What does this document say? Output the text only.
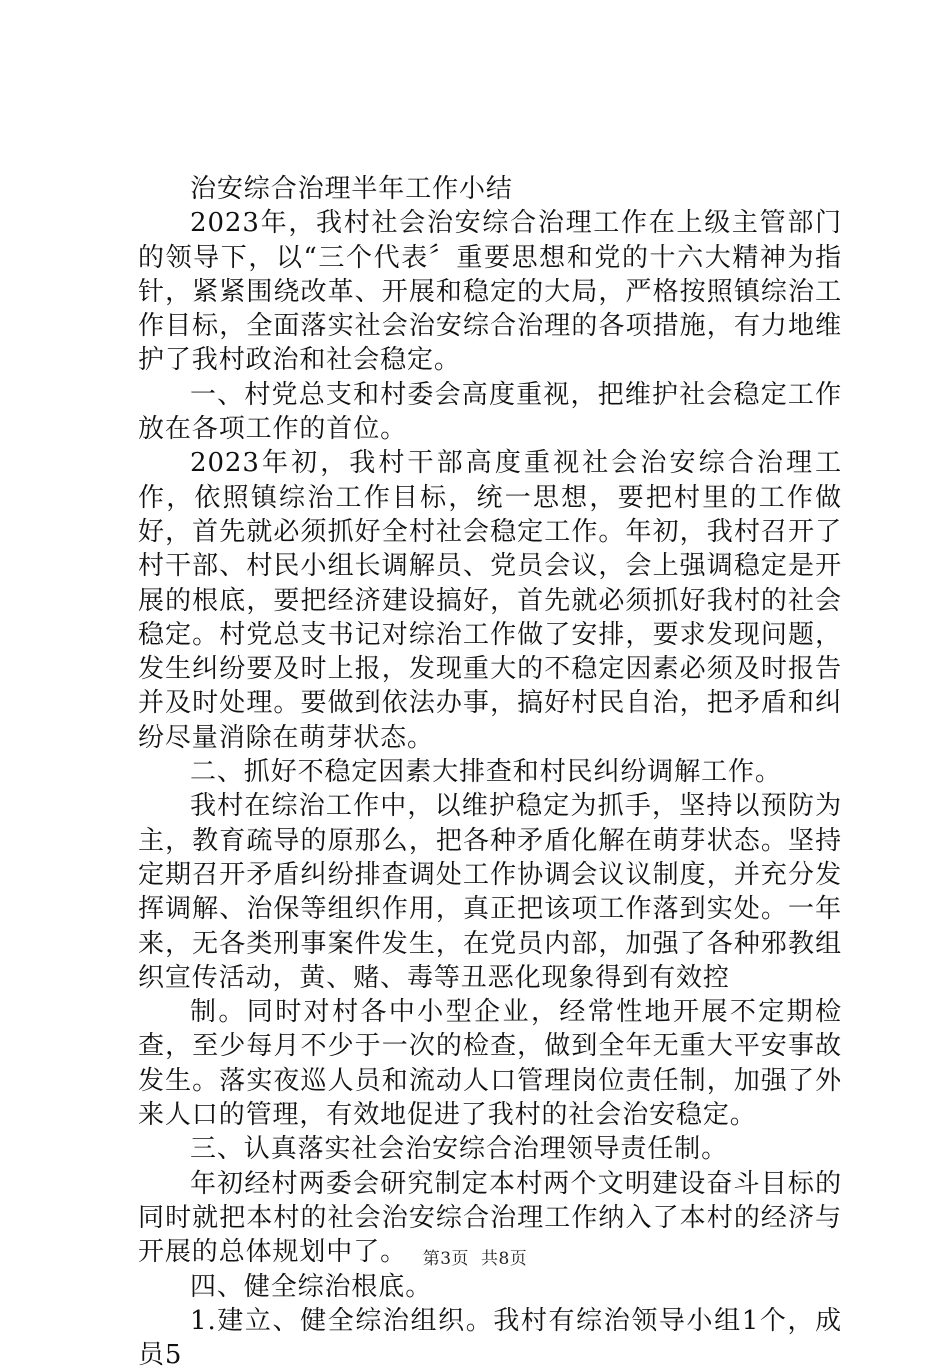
治安综合治理半年工作小结

2023年，我村社会治安综合治理工作在上级主管部门的领导下，以“三个代表〞重要思想和党的十六大精神为指针，紧紧围绕改革、开展和稳定的大局，严格按照镇综治工作目标，全面落实社会治安综合治理的各项措施，有力地维护了我村政治和社会稳定。

一、村党总支和村委会高度重视，把维护社会稳定工作放在各项工作的首位。

2023年初，我村干部高度重视社会治安综合治理工作，依照镇综治工作目标，统一思想，要把村里的工作做好，首先就必须抓好全村社会稳定工作。年初，我村召开了村干部、村民小组长调解员、党员会议，会上强调稳定是开展的根底，要把经济建设搞好，首先就必须抓好我村的社会稳定。村党总支书记对综治工作做了安排，要求发现问题，发生纠纷要及时上报，发现重大的不稳定因素必须及时报告并及时处理。要做到依法办事，搞好村民自治，把矛盾和纠纷尽量消除在萌芽状态。

二、抓好不稳定因素大排查和村民纠纷调解工作。

我村在综治工作中，以维护稳定为抓手，坚持以预防为主，教育疏导的原那么，把各种矛盾化解在萌芽状态。坚持定期召开矛盾纠纷排查调处工作协调会议议制度，并充分发挥调解、治保等组织作用，真正把该项工作落到实处。一年来，无各类刑事案件发生，在党员内部，加强了各种邪教组织宣传活动，黄、赌、毒等丑恶化现象得到有效控

制。同时对村各中小型企业，经常性地开展不定期检查，至少每月不少于一次的检查，做到全年无重大平安事故发生。落实夜巡人员和流动人口管理岗位责任制，加强了外来人口的管理，有效地促进了我村的社会治安稳定。

三、认真落实社会治安综合治理领导责任制。

年初经村两委会研究制定本村两个文明建设奋斗目标的同时就把本村的社会治安综合治理工作纳入了本村的经济与开展的总体规划中了。

四、健全综治根底。

1.建立、健全综治组织。我村有综治领导小组1个，成员5

第3页 共8页
